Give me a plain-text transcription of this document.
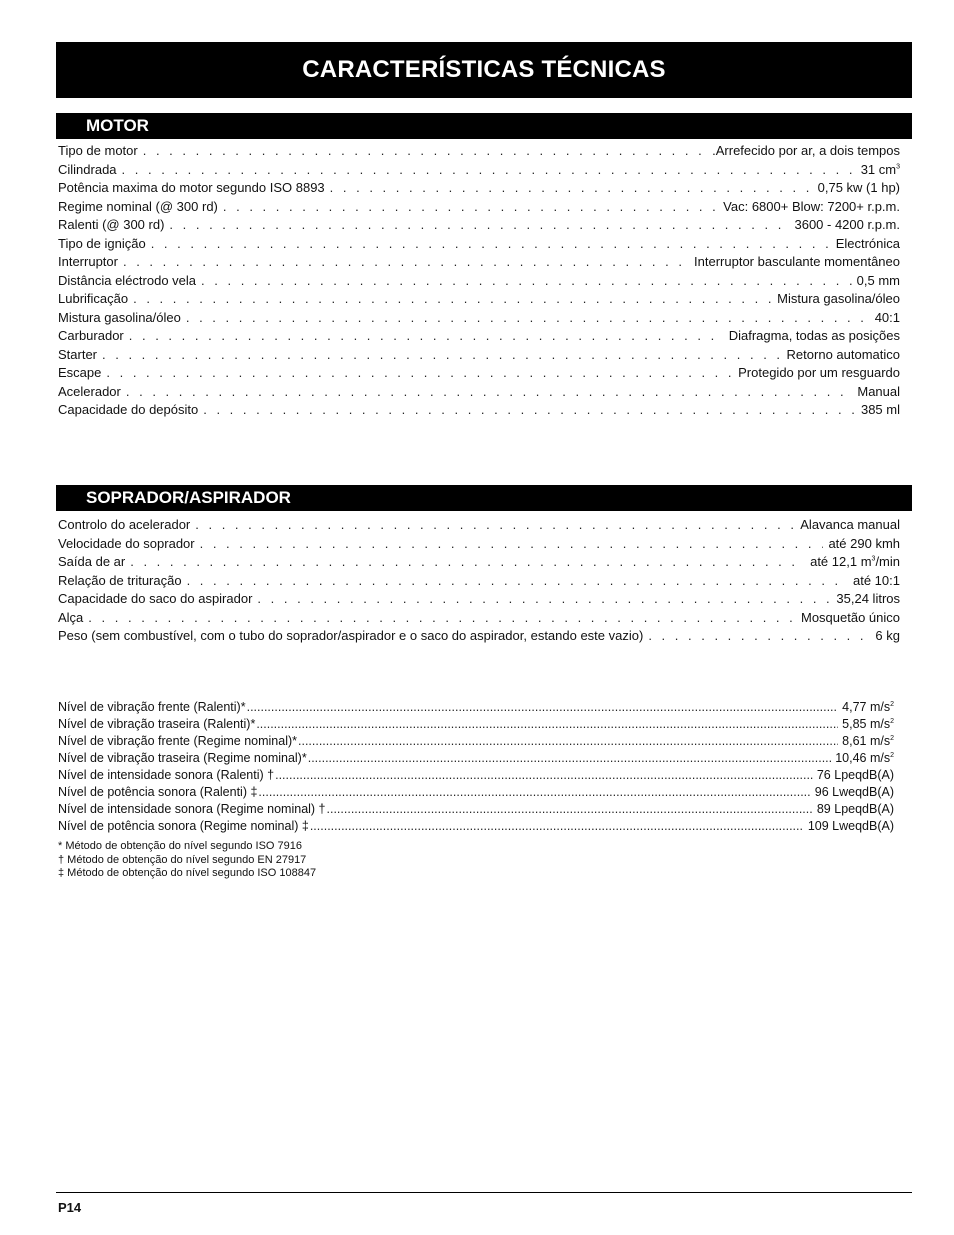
CARACTERÍSTICAS TÉCNICAS
MOTOR
Tipo de motor . . .	.Arrefecido por ar, a dois tempos
Cilindrada . . .	31 $cm^3$
Potência maxima do motor segundo ISO 8893 . . .	0,75 kw (1 hp)
Regime nominal (@ 300 rd) . . .	Vac: 6800+ Blow: 7200+ r.p.m.
Ralenti (@ 300 rd) . . .	3600 - 4200 r.p.m.
Tipo de ignição . . .	Electrónica
Interruptor . . .	Interruptor basculante momentâneo
Distância eléctrodo vela . . .	0,5 mm
Lubrificação . . .	Mistura gasolina/óleo
Mistura gasolina/óleo . . .	40:1
Carburador . . .	Diafragma, todas as posições
Starter . . .	Retorno automatico
Escape . . .	Protegido por um resguardo
Acelerador . . .	Manual
Capacidade do depósito . . .	385 ml
SOPRADOR/ASPIRADOR
Controlo do acelerador . . .	Alavanca manual
Velocidade do soprador . . .	até 290 kmh
Saída de ar . . .	até 12,1 $m^3/\min$
Relação de trituração . . .	até 10:1
Capacidade do saco do aspirador . . .	35,24 litros
Alça . . .	Mosquetão único
Peso (sem combustível, com o tubo do soprador/aspirador e o saco do aspirador, estando este vazio) . . .	6 kg
Nível de vibração frente (Ralenti)* .....	4,77 $m/s^2$
Nível de vibração traseira (Ralenti)* .....	5,85 $m/s^2$
Nível de vibração frente (Regime nominal)* .....	8,61 $m/s^2$
Nível de vibração traseira (Regime nominal)* .....	10,46 $m/s^2$
Nível de intensidade sonora (Ralenti) † .....	76 LpeqdB(A)
Nível de potência sonora (Ralenti) ‡ .....	96 LweqdB(A)
Nível de intensidade sonora (Regime nominal) † .....	89 LpeqdB(A)
Nível de potência sonora (Regime nominal) ‡ .....	109 LweqdB(A)
* Método de obtenção do nível segundo ISO 7916
† Método de obtenção do nível segundo EN 27917
‡ Método de obtenção do nível segundo ISO 108847
P14
